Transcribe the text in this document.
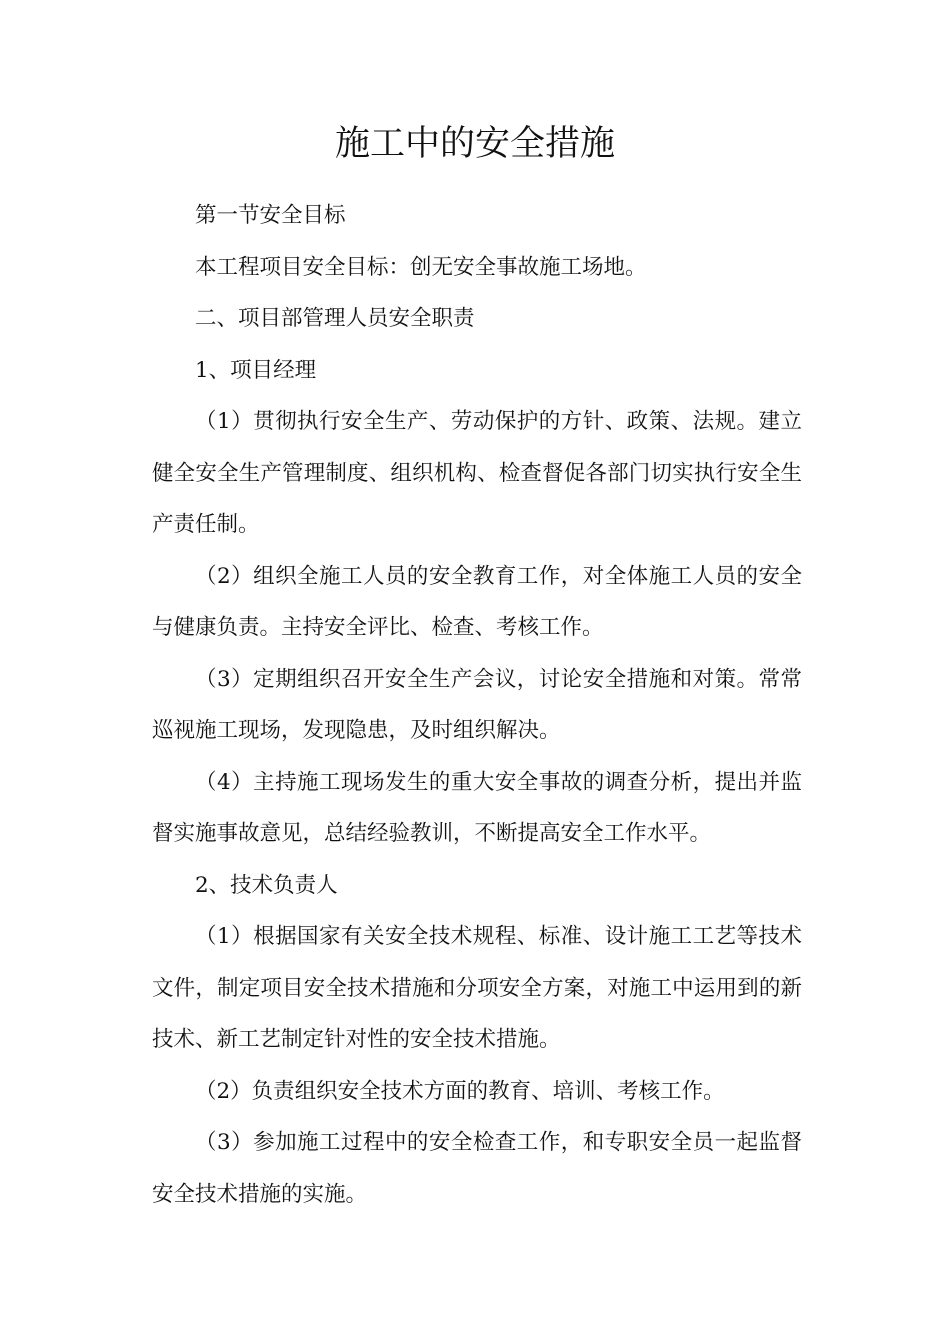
施工中的安全措施

第一节安全目标

本工程项目安全目标：创无安全事故施工场地。

二、项目部管理人员安全职责

1、项目经理

（1）贯彻执行安全生产、劳动保护的方针、政策、法规。建立健全安全生产管理制度、组织机构、检查督促各部门切实执行安全生产责任制。

（2）组织全施工人员的安全教育工作，对全体施工人员的安全与健康负责。主持安全评比、检查、考核工作。

（3）定期组织召开安全生产会议，讨论安全措施和对策。常常巡视施工现场，发现隐患，及时组织解决。

（4）主持施工现场发生的重大安全事故的调查分析，提出并监督实施事故意见，总结经验教训，不断提高安全工作水平。

2、技术负责人

（1）根据国家有关安全技术规程、标准、设计施工工艺等技术文件，制定项目安全技术措施和分项安全方案，对施工中运用到的新技术、新工艺制定针对性的安全技术措施。

（2）负责组织安全技术方面的教育、培训、考核工作。

（3）参加施工过程中的安全检查工作，和专职安全员一起监督安全技术措施的实施。
